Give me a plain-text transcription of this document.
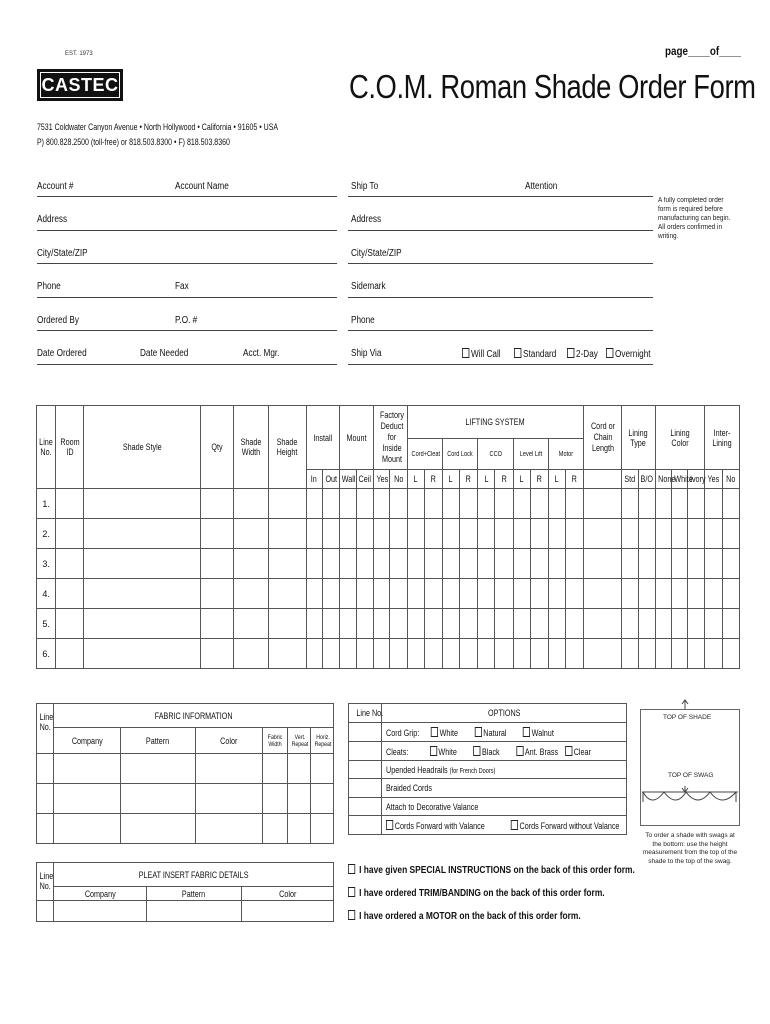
EST. 1973
CASTEC	C.O.M. Roman Shade Order Form
page____of____
7531 Coldwater Canyon Avenue • North Hollywood • California • 91605 • USA
P) 800.828.2500 (toll-free) or 818.503.8300 • F) 818.503.8360
Account #	Account Name	Ship To	Attention
Address	Address
City/State/ZIP	City/State/ZIP
Phone	Fax	Sidemark
Ordered By	P.O. #	Phone
Date Ordered	Date Needed	Acct. Mgr.	Ship Via	Will Call	Standard	2-Day	Overnight
A fully completed order form is required before manufacturing can begin. All orders confirmed in writing.
Line No.	Room ID	Shade Style	Qty	Shade Width	Shade Height	Install		Mount		Factory Deduct for Inside Mount		LIFTING SYSTEM										Cord or Chain Length	Lining Type		Lining Color			Inter-Lining	
												Cord+Cleat		Cord Lock		CCO		Level Lift		Motor									
						In	Out	Wall	Ceil	Yes	No	L	R	L	R	L	R	L	R	L	R		Std	B/O	None	White	Ivory	Yes	No
1.																													
2.																													
3.																													
4.																													
5.																													
6.																													
Line No.	FABRIC INFORMATION					
	Company	Pattern	Color	Fabric Width	Vert. Repeat	Horiz. Repeat

Line No.	OPTIONS
	Cord Grip: White Natural Walnut
	Cleats: White Black Ant. Brass Clear
	Upended Headrails (for French Doors)
	Braided Cords
	Attach to Decorative Valance
	Cords Forward with Valance Cords Forward without Valance
TOP OF SHADE
TOP OF SWAG
To order a shade with swags at the bottom: use the height measurement from the top of the shade to the top of the swag.
Line No.	PLEAT INSERT FABRIC DETAILS		
	Company	Pattern	Color

I have given SPECIAL INSTRUCTIONS on the back of this order form.
I have ordered TRIM/BANDING on the back of this order form.
I have ordered a MOTOR on the back of this order form.
